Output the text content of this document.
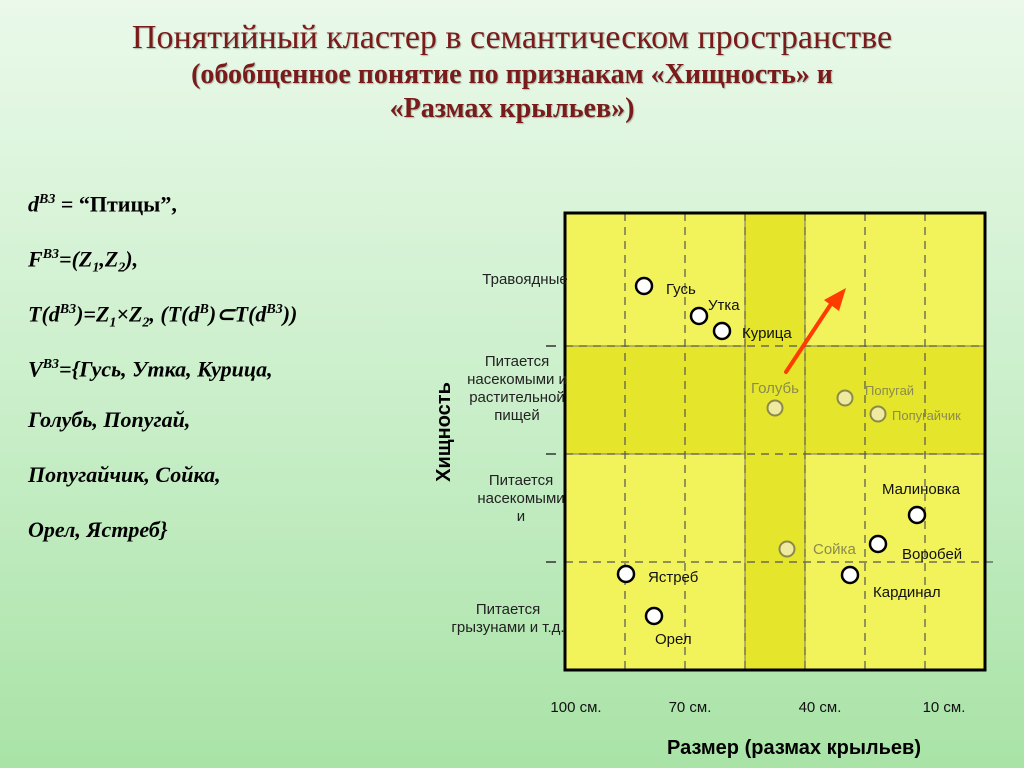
Понятийный кластер в семантическом пространстве
(обобщенное понятие по признакам «Хищность» и
«Размах крыльев»)
$d^{B3}$ = “Птицы”,
$F^{B3}=(Z_1,Z_2)$,
$T(d^{B3})=Z_1\times Z_2$, $(T(d^B)\subset T(d^{B3}))$
$V^{B3}=\{Гусь$, Утка, Курица,
Голубь, Попугай,
Попугайчик, Сойка,
Орел, Ястреб}
Хищность
Травоядные
Питается
насекомыми и
растительной
пищей
Питается
насекомыми
и
Питается
грызунами и т.д.
100 см.	70 см.	40 см.	10 см.
Размер (размах крыльев)
Гусь
Утка
Курица
Голубь	Попугай
Попугайчик
Малиновка
Сойка	Воробей
Ястреб
Кардинал
Орел
